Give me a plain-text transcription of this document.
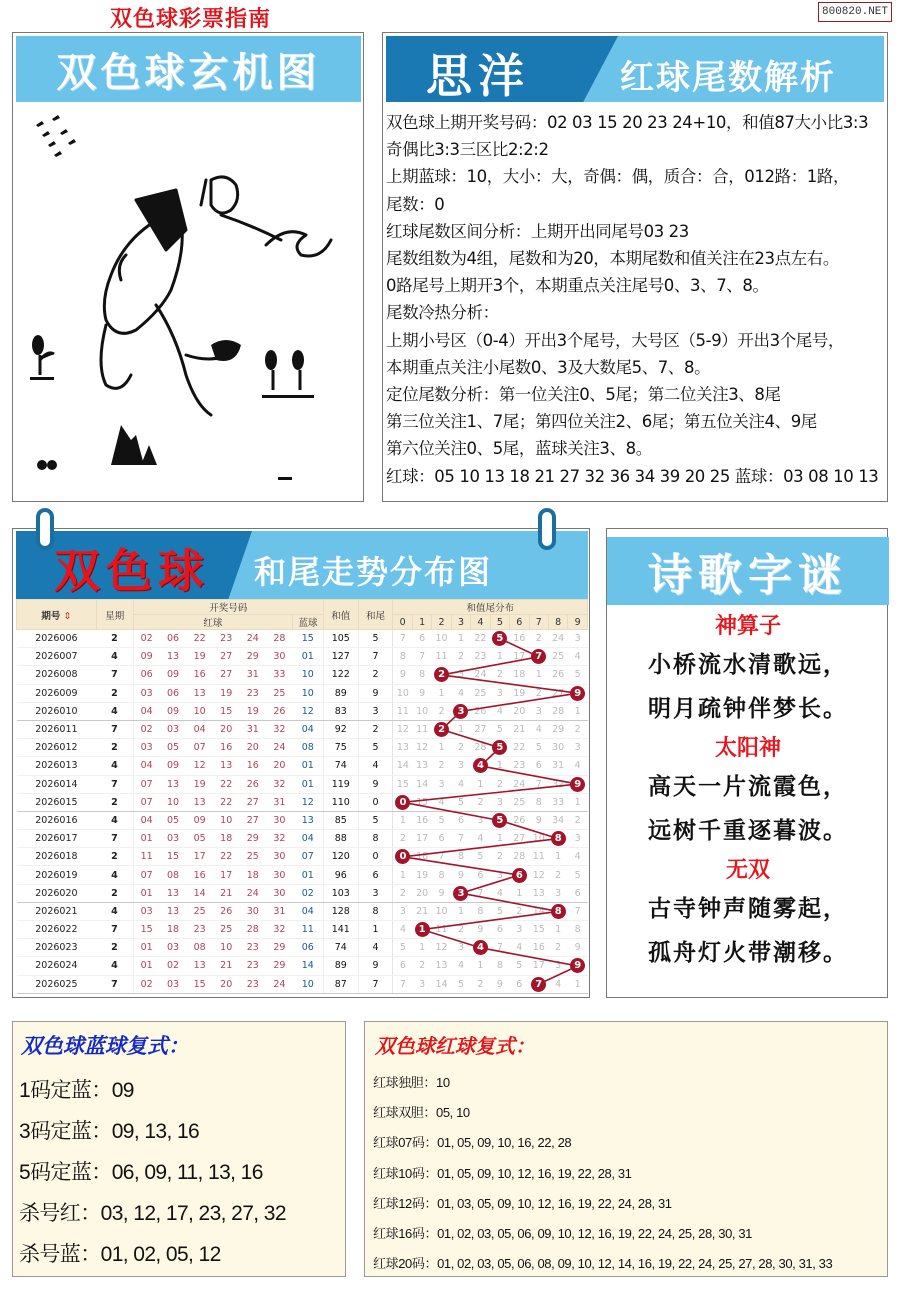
双色球彩票指南	800820.NET
双色球玄机图	思洋	红球尾数解析
双色球上期开奖号码：02 03 15 20 23 24+10，和值87大小比3:3
奇偶比3:3三区比2:2:2
上期蓝球：10，大小：大，奇偶：偶，质合：合，012路：1路，
尾数：0
红球尾数区间分析：上期开出同尾号03 23
尾数组数为4组，尾数和为20，本期尾数和值关注在23点左右。
0路尾号上期开3个，本期重点关注尾号0、3、7、8。
尾数冷热分析：
上期小号区（0-4）开出3个尾号，大号区（5-9）开出3个尾号，
本期重点关注小尾数0、3及大数尾5、7、8。
定位尾数分析：第一位关注0、5尾；第二位关注3、8尾
第三位关注1、7尾；第四位关注2、6尾；第五位关注4、9尾
第六位关注0、5尾，蓝球关注3、8。
红球：05 10 13 18 21 27 32 36 34 39 20 25 蓝球：03 08 10 13
双色球 和尾走势分布图
期号 ⇕	星期	开奖号码							和值	和尾	和值尾分布									
		红球						蓝球			0	1	2	3	4	5	6	7	8	9
2026006	2	02	06	22	23	24	28	15	105	5	7	6	10	1	22	5	16	2	24	3
2026007	4	09	13	19	27	29	30	01	127	7	8	7	11	2	23	1	17	7	25	4
2026008	7	06	09	16	27	31	33	10	122	2	9	8	2	3	24	2	18	1	26	5
2026009	2	03	06	13	19	23	25	10	89	9	10	9	1	4	25	3	19	2	27	9
2026010	4	04	09	10	15	19	26	12	83	3	11	10	2	3	26	4	20	3	28	1
2026011	7	02	03	04	20	31	32	04	92	2	12	11	2	1	27	5	21	4	29	2
2026012	2	03	05	07	16	20	24	08	75	5	13	12	1	2	28	5	22	5	30	3
2026013	4	04	09	12	13	16	20	01	74	4	14	13	2	3	4	1	23	6	31	4
2026014	7	07	13	19	22	26	32	01	119	9	15	14	3	4	1	2	24	7	32	9
2026015	2	07	10	13	22	27	31	12	110	0	0	15	4	5	2	3	25	8	33	1
2026016	4	04	05	09	10	27	30	13	85	5	1	16	5	6	3	5	26	9	34	2
2026017	7	01	03	05	18	29	32	04	88	8	2	17	6	7	4	1	27	10	8	3
2026018	2	11	15	17	22	25	30	07	120	0	0	18	7	8	5	2	28	11	1	4
2026019	4	07	08	16	17	18	30	01	96	6	1	19	8	9	6	3	6	12	2	5
2026020	2	01	13	14	21	24	30	02	103	3	2	20	9	3	7	4	1	13	3	6
2026021	4	03	13	25	26	30	31	04	128	8	3	21	10	1	8	5	2	14	8	7
2026022	7	15	18	23	25	28	32	11	141	1	4	1	11	2	9	6	3	15	1	8
2026023	2	01	03	08	10	23	29	06	74	4	5	1	12	3	4	7	4	16	2	9
2026024	4	01	02	13	21	23	29	14	89	9	6	2	13	4	1	8	5	17	3	9
2026025	7	02	03	15	20	23	24	10	87	7	7	3	14	5	2	9	6	7	4	1
诗歌字谜
神算子
小桥流水清歌远，
明月疏钟伴梦长。
太阳神
高天一片流霞色，
远树千重逐暮波。
无双
古寺钟声随雾起，
孤舟灯火带潮移。
双色球蓝球复式：
1码定蓝：09
3码定蓝：09, 13, 16
5码定蓝：06, 09, 11, 13, 16
杀号红：03, 12, 17, 23, 27, 32
杀号蓝：01, 02, 05, 12
双色球红球复式：
红球独胆：10
红球双胆：05, 10
红球07码：01, 05, 09, 10, 16, 22, 28
红球10码：01, 05, 09, 10, 12, 16, 19, 22, 28, 31
红球12码：01, 03, 05, 09, 10, 12, 16, 19, 22, 24, 28, 31
红球16码：01, 02, 03, 05, 06, 09, 10, 12, 16, 19, 22, 24, 25, 28, 30, 31
红球20码：01, 02, 03, 05, 06, 08, 09, 10, 12, 14, 16, 19, 22, 24, 25, 27, 28, 30, 31, 33
